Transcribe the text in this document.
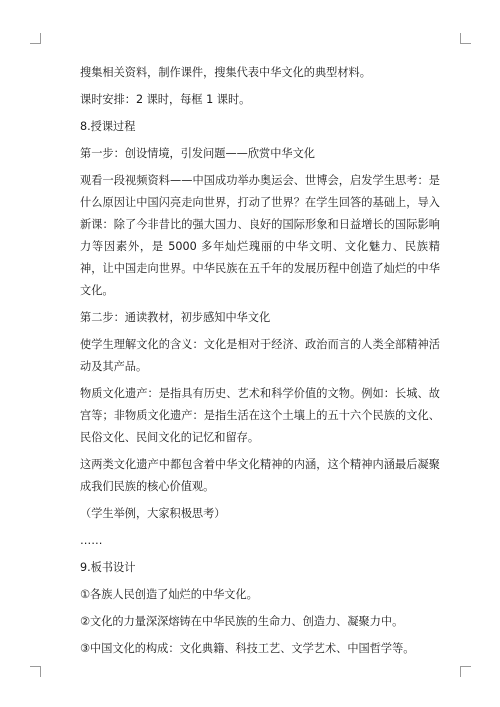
搜集相关资料，制作课件，搜集代表中华文化的典型材料。

课时安排：2 课时，每框 1 课时。

8.授课过程

第一步：创设情境，引发问题——欣赏中华文化

观看一段视频资料——中国成功举办奥运会、世博会，启发学生思考：是什么原因让中国闪亮走向世界，打动了世界？在学生回答的基础上，导入新课：除了今非昔比的强大国力、良好的国际形象和日益增长的国际影响力等因素外，是 5000 多年灿烂瑰丽的中华文明、文化魅力、民族精神，让中国走向世界。中华民族在五千年的发展历程中创造了灿烂的中华文化。

第二步：通读教材，初步感知中华文化

使学生理解文化的含义：文化是相对于经济、政治而言的人类全部精神活动及其产品。

物质文化遗产：是指具有历史、艺术和科学价值的文物。例如：长城、故宫等；非物质文化遗产：是指生活在这个土壤上的五十六个民族的文化、民俗文化、民间文化的记忆和留存。

这两类文化遗产中都包含着中华文化精神的内涵，这个精神内涵最后凝聚成我们民族的核心价值观。

（学生举例，大家积极思考）

……

9.板书设计

①各族人民创造了灿烂的中华文化。

②文化的力量深深熔铸在中华民族的生命力、创造力、凝聚力中。

③中国文化的构成：文化典籍、科技工艺、文学艺术、中国哲学等。
